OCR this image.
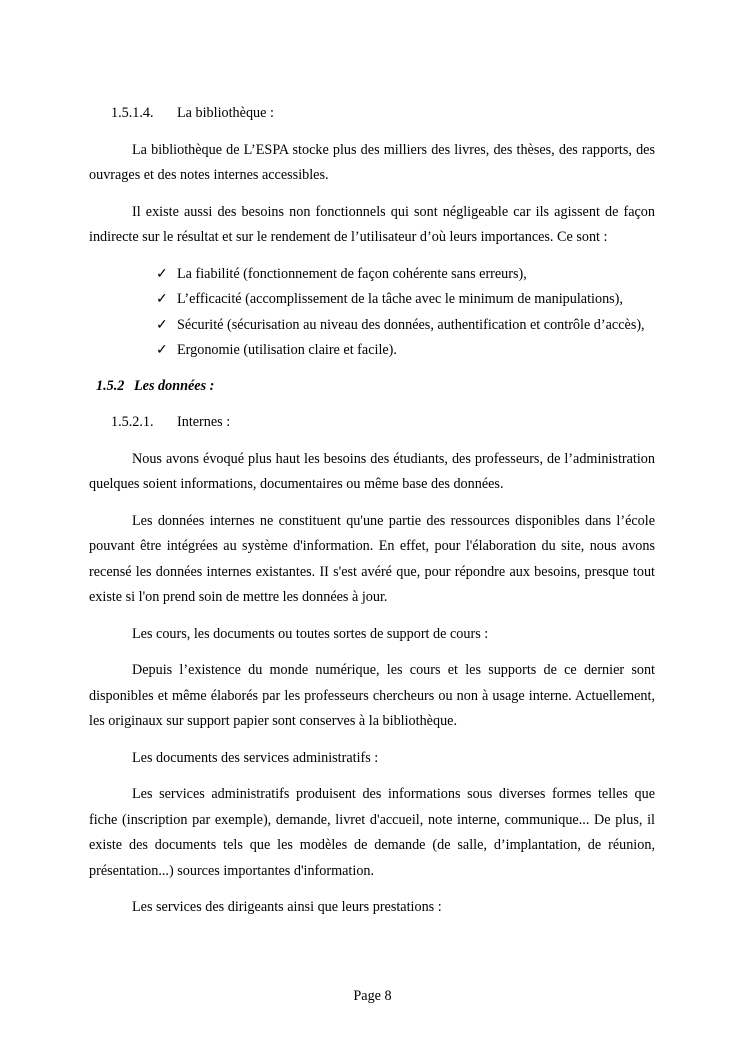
1.5.1.4. La bibliothèque :

La bibliothèque de L’ESPA stocke plus des milliers des livres, des thèses, des rapports, des ouvrages et des notes internes accessibles.

Il existe aussi des besoins non fonctionnels qui sont négligeable car ils agissent de façon indirecte sur le résultat et sur le rendement de l’utilisateur d’où leurs importances. Ce sont :

✓ La fiabilité (fonctionnement de façon cohérente sans erreurs),
✓ L’efficacité (accomplissement de la tâche avec le minimum de manipulations),
✓ Sécurité (sécurisation au niveau des données, authentification et contrôle d’accès),
✓ Ergonomie (utilisation claire et facile).
1.5.2 Les données :
1.5.2.1. Internes :

Nous avons évoqué plus haut les besoins des étudiants, des professeurs, de l’administration quelques soient informations, documentaires ou même base des données.

Les données internes ne constituent qu'une partie des ressources disponibles dans l’école pouvant être intégrées au système d'information. En effet, pour l'élaboration du site, nous avons recensé les données internes existantes. II s'est avéré que, pour répondre aux besoins, presque tout existe si l'on prend soin de mettre les données à jour.

Les cours, les documents ou toutes sortes de support de cours :

Depuis l’existence du monde numérique, les cours et les supports de ce dernier sont disponibles et même élaborés par les professeurs chercheurs ou non à usage interne. Actuellement, les originaux sur support papier sont conserves à la bibliothèque.

Les documents des services administratifs :

Les services administratifs produisent des informations sous diverses formes telles que fiche (inscription par exemple), demande, livret d'accueil, note interne, communique... De plus, il existe des documents tels que les modèles de demande (de salle, d’implantation, de réunion, présentation...) sources importantes d'information.

Les services des dirigeants ainsi que leurs prestations :

Page 8
